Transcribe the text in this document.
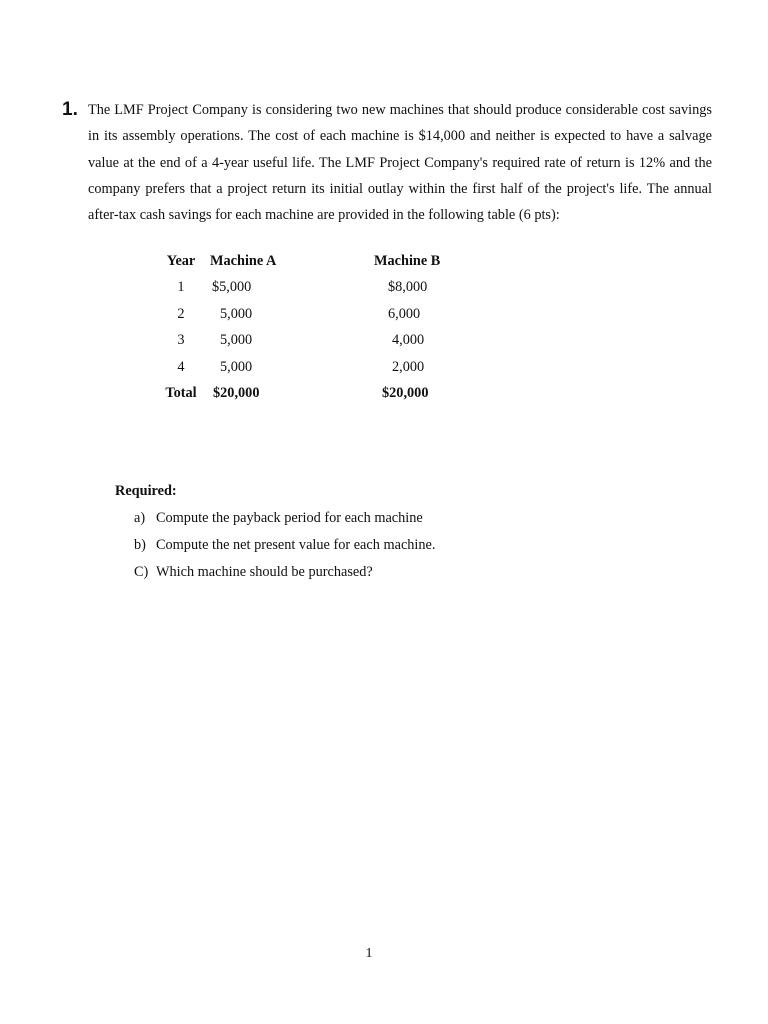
1. The LMF Project Company is considering two new machines that should produce considerable cost savings in its assembly operations. The cost of each machine is $14,000 and neither is expected to have a salvage value at the end of a 4-year useful life. The LMF Project Company's required rate of return is 12% and the company prefers that a project return its initial outlay within the first half of the project's life. The annual after-tax cash savings for each machine are provided in the following table (6 pts):
Year	Machine A	Machine B
1	$5,000	$8,000
2	5,000	6,000
3	5,000	4,000
4	5,000	2,000
Total	$20,000	$20,000
Required:
a) Compute the payback period for each machine
b) Compute the net present value for each machine.
C) Which machine should be purchased?
1
